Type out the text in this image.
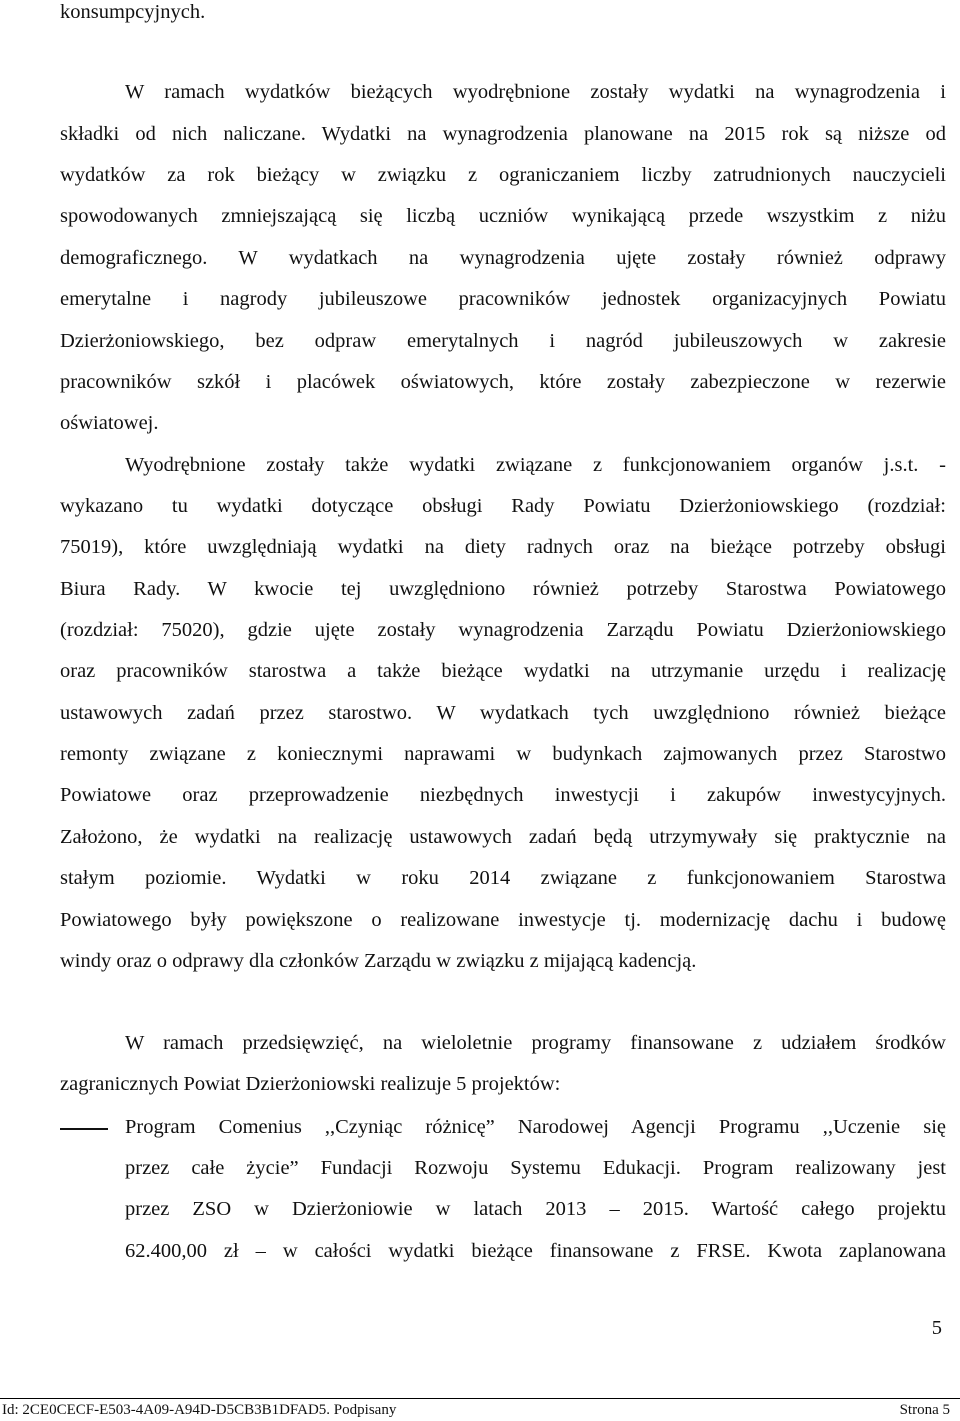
konsumpcyjnych.
W ramach wydatków bieżących wyodrębnione zostały wydatki na wynagrodzenia i
składki od nich naliczane. Wydatki na wynagrodzenia planowane na 2015 rok są niższe od
wydatków za rok bieżący w związku z ograniczaniem liczby zatrudnionych nauczycieli
spowodowanych zmniejszającą się liczbą uczniów wynikającą przede wszystkim z niżu
demograficznego. W wydatkach na wynagrodzenia ujęte zostały również odprawy
emerytalne i nagrody jubileuszowe pracowników jednostek organizacyjnych Powiatu
Dzierżoniowskiego, bez odpraw emerytalnych i nagród jubileuszowych w zakresie
pracowników szkół i placówek oświatowych, które zostały zabezpieczone w rezerwie
oświatowej.
Wyodrębnione zostały także wydatki związane z funkcjonowaniem organów j.s.t. -
wykazano tu wydatki dotyczące obsługi Rady Powiatu Dzierżoniowskiego (rozdział:
75019), które uwzględniają wydatki na diety radnych oraz na bieżące potrzeby obsługi
Biura Rady. W kwocie tej uwzględniono również potrzeby Starostwa Powiatowego
(rozdział: 75020), gdzie ujęte zostały wynagrodzenia Zarządu Powiatu Dzierżoniowskiego
oraz pracowników starostwa a także bieżące wydatki na utrzymanie urzędu i realizację
ustawowych zadań przez starostwo. W wydatkach tych uwzględniono również bieżące
remonty związane z koniecznymi naprawami w budynkach zajmowanych przez Starostwo
Powiatowe oraz przeprowadzenie niezbędnych inwestycji i zakupów inwestycyjnych.
Założono, że wydatki na realizację ustawowych zadań będą utrzymywały się praktycznie na
stałym poziomie. Wydatki w roku 2014 związane z funkcjonowaniem Starostwa
Powiatowego były powiększone o realizowane inwestycje tj. modernizację dachu i budowę
windy oraz o odprawy dla członków Zarządu w związku z mijającą kadencją.
W ramach przedsięwzięć, na wieloletnie programy finansowane z udziałem środków
zagranicznych Powiat Dzierżoniowski realizuje 5 projektów:
Program Comenius ,,Czyniąc różnicę” Narodowej Agencji Programu ,,Uczenie się
przez całe życie” Fundacji Rozwoju Systemu Edukacji. Program realizowany jest
przez ZSO w Dzierżoniowie w latach 2013 – 2015. Wartość całego projektu
62.400,00 zł – w całości wydatki bieżące finansowane z FRSE. Kwota zaplanowana
5
Id: 2CE0CECF-E503-4A09-A94D-D5CB3B1DFAD5. Podpisany	Strona 5
